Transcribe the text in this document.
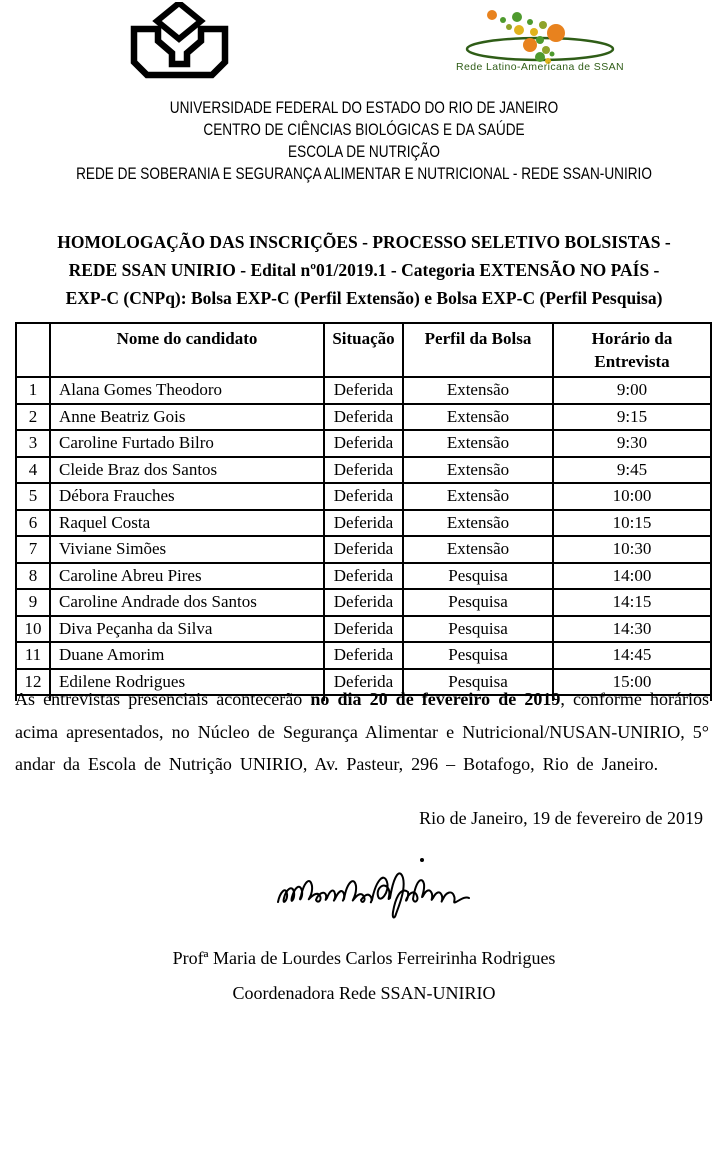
Rede Latino-Americana de SSAN
UNIVERSIDADE FEDERAL DO ESTADO DO RIO DE JANEIRO
CENTRO DE CIÊNCIAS BIOLÓGICAS E DA SAÚDE
ESCOLA DE NUTRIÇÃO
REDE DE SOBERANIA E SEGURANÇA ALIMENTAR E NUTRICIONAL - REDE SSAN-UNIRIO
HOMOLOGAÇÃO DAS INSCRIÇÕES - PROCESSO SELETIVO BOLSISTAS -
REDE SSAN UNIRIO - Edital nº01/2019.1 - Categoria EXTENSÃO NO PAÍS -
EXP-C (CNPq): Bolsa EXP-C (Perfil Extensão) e Bolsa EXP-C (Perfil Pesquisa)
	Nome do candidato	Situação	Perfil da Bolsa	Horário da Entrevista
1	Alana Gomes Theodoro	Deferida	Extensão	9:00
2	Anne Beatriz Gois	Deferida	Extensão	9:15
3	Caroline Furtado Bilro	Deferida	Extensão	9:30
4	Cleide Braz dos Santos	Deferida	Extensão	9:45
5	Débora Frauches	Deferida	Extensão	10:00
6	Raquel Costa	Deferida	Extensão	10:15
7	Viviane Simões	Deferida	Extensão	10:30
8	Caroline Abreu Pires	Deferida	Pesquisa	14:00
9	Caroline Andrade dos Santos	Deferida	Pesquisa	14:15
10	Diva Peçanha da Silva	Deferida	Pesquisa	14:30
11	Duane Amorim	Deferida	Pesquisa	14:45
12	Edilene Rodrigues	Deferida	Pesquisa	15:00

As entrevistas presenciais acontecerão no dia 20 de fevereiro de 2019, conforme horários acima apresentados, no Núcleo de Segurança Alimentar e Nutricional/NUSAN-UNIRIO, 5° andar da Escola de Nutrição UNIRIO, Av. Pasteur, 296 – Botafogo, Rio de Janeiro.
Rio de Janeiro, 19 de fevereiro de 2019
Profª Maria de Lourdes Carlos Ferreirinha Rodrigues
Coordenadora Rede SSAN-UNIRIO
